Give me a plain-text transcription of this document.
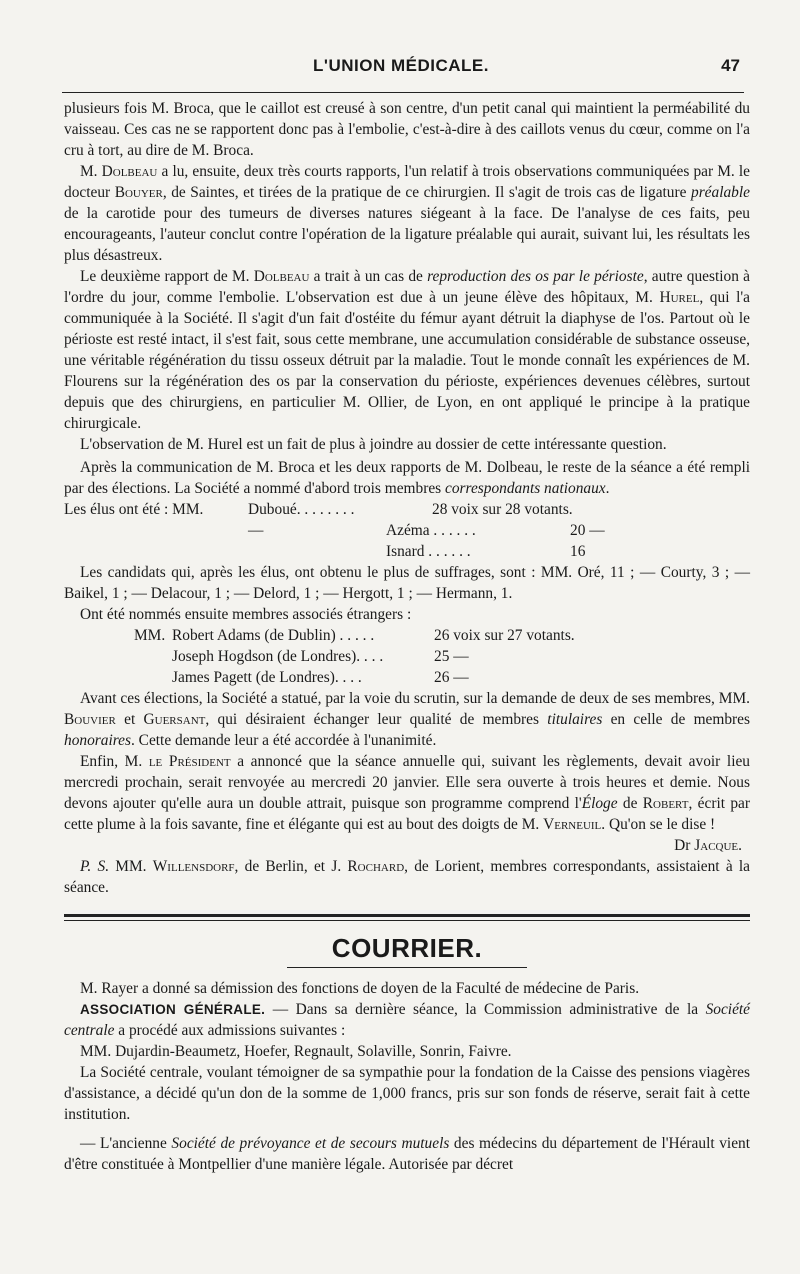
L'UNION MÉDICALE.	47

plusieurs fois M. Broca, que le caillot est creusé à son centre, d'un petit canal qui maintient la perméabilité du vaisseau. Ces cas ne se rapportent donc pas à l'embolie, c'est-à-dire à des caillots venus du cœur, comme on l'a cru à tort, au dire de M. Broca.

M. Dolbeau a lu, ensuite, deux très courts rapports, l'un relatif à trois observations communiquées par M. le docteur Bouyer, de Saintes, et tirées de la pratique de ce chirurgien. Il s'agit de trois cas de ligature préalable de la carotide pour des tumeurs de diverses natures siégeant à la face. De l'analyse de ces faits, peu encourageants, l'auteur conclut contre l'opération de la ligature préalable qui aurait, suivant lui, les résultats les plus désastreux.

Le deuxième rapport de M. Dolbeau a trait à un cas de reproduction des os par le périoste, autre question à l'ordre du jour, comme l'embolie. L'observation est due à un jeune élève des hôpitaux, M. Hurel, qui l'a communiquée à la Société. Il s'agit d'un fait d'ostéite du fémur ayant détruit la diaphyse de l'os. Partout où le périoste est resté intact, il s'est fait, sous cette membrane, une accumulation considérable de substance osseuse, une véritable régénération du tissu osseux détruit par la maladie. Tout le monde connaît les expériences de M. Flourens sur la régénération des os par la conservation du périoste, expériences devenues célèbres, surtout depuis que des chirurgiens, en particulier M. Ollier, de Lyon, en ont appliqué le principe à la pratique chirurgicale.

L'observation de M. Hurel est un fait de plus à joindre au dossier de cette intéressante question.

Après la communication de M. Broca et les deux rapports de M. Dolbeau, le reste de la séance a été rempli par des élections. La Société a nommé d'abord trois membres correspondants nationaux.

Les élus ont été : MM.	Duboué. . . . . . . .	28 voix sur 28 votants.
—	Azéma . . . . . .	20 —
Isnard . . . . . .	16

Les candidats qui, après les élus, ont obtenu le plus de suffrages, sont : MM. Oré, 11 ; — Courty, 3 ; — Baikel, 1 ; — Delacour, 1 ; — Delord, 1 ; — Hergott, 1 ; — Hermann, 1.

Ont été nommés ensuite membres associés étrangers :

MM. Robert Adams (de Dublin) . . . . .	26 voix sur 27 votants.
Joseph Hogdson (de Londres). . . .	25 —
James Pagett (de Londres). . . .	26 —

Avant ces élections, la Société a statué, par la voie du scrutin, sur la demande de deux de ses membres, MM. Bouvier et Guersant, qui désiraient échanger leur qualité de membres titulaires en celle de membres honoraires. Cette demande leur a été accordée à l'unanimité.

Enfin, M. le Président a annoncé que la séance annuelle qui, suivant les règlements, devait avoir lieu mercredi prochain, serait renvoyée au mercredi 20 janvier. Elle sera ouverte à trois heures et demie. Nous devons ajouter qu'elle aura un double attrait, puisque son programme comprend l'Éloge de Robert, écrit par cette plume à la fois savante, fine et élégante qui est au bout des doigts de M. Verneuil. Qu'on se le dise !

Dr Jacque.

P. S. MM. Willensdorf, de Berlin, et J. Rochard, de Lorient, membres correspondants, assistaient à la séance.

COURRIER.

M. Rayer a donné sa démission des fonctions de doyen de la Faculté de médecine de Paris.

ASSOCIATION GÉNÉRALE. — Dans sa dernière séance, la Commission administrative de la Société centrale a procédé aux admissions suivantes :

MM. Dujardin-Beaumetz, Hoefer, Regnault, Solaville, Sonrin, Faivre.

La Société centrale, voulant témoigner de sa sympathie pour la fondation de la Caisse des pensions viagères d'assistance, a décidé qu'un don de la somme de 1,000 francs, pris sur son fonds de réserve, serait fait à cette institution.

— L'ancienne Société de prévoyance et de secours mutuels des médecins du département de l'Hérault vient d'être constituée à Montpellier d'une manière légale. Autorisée par décret
